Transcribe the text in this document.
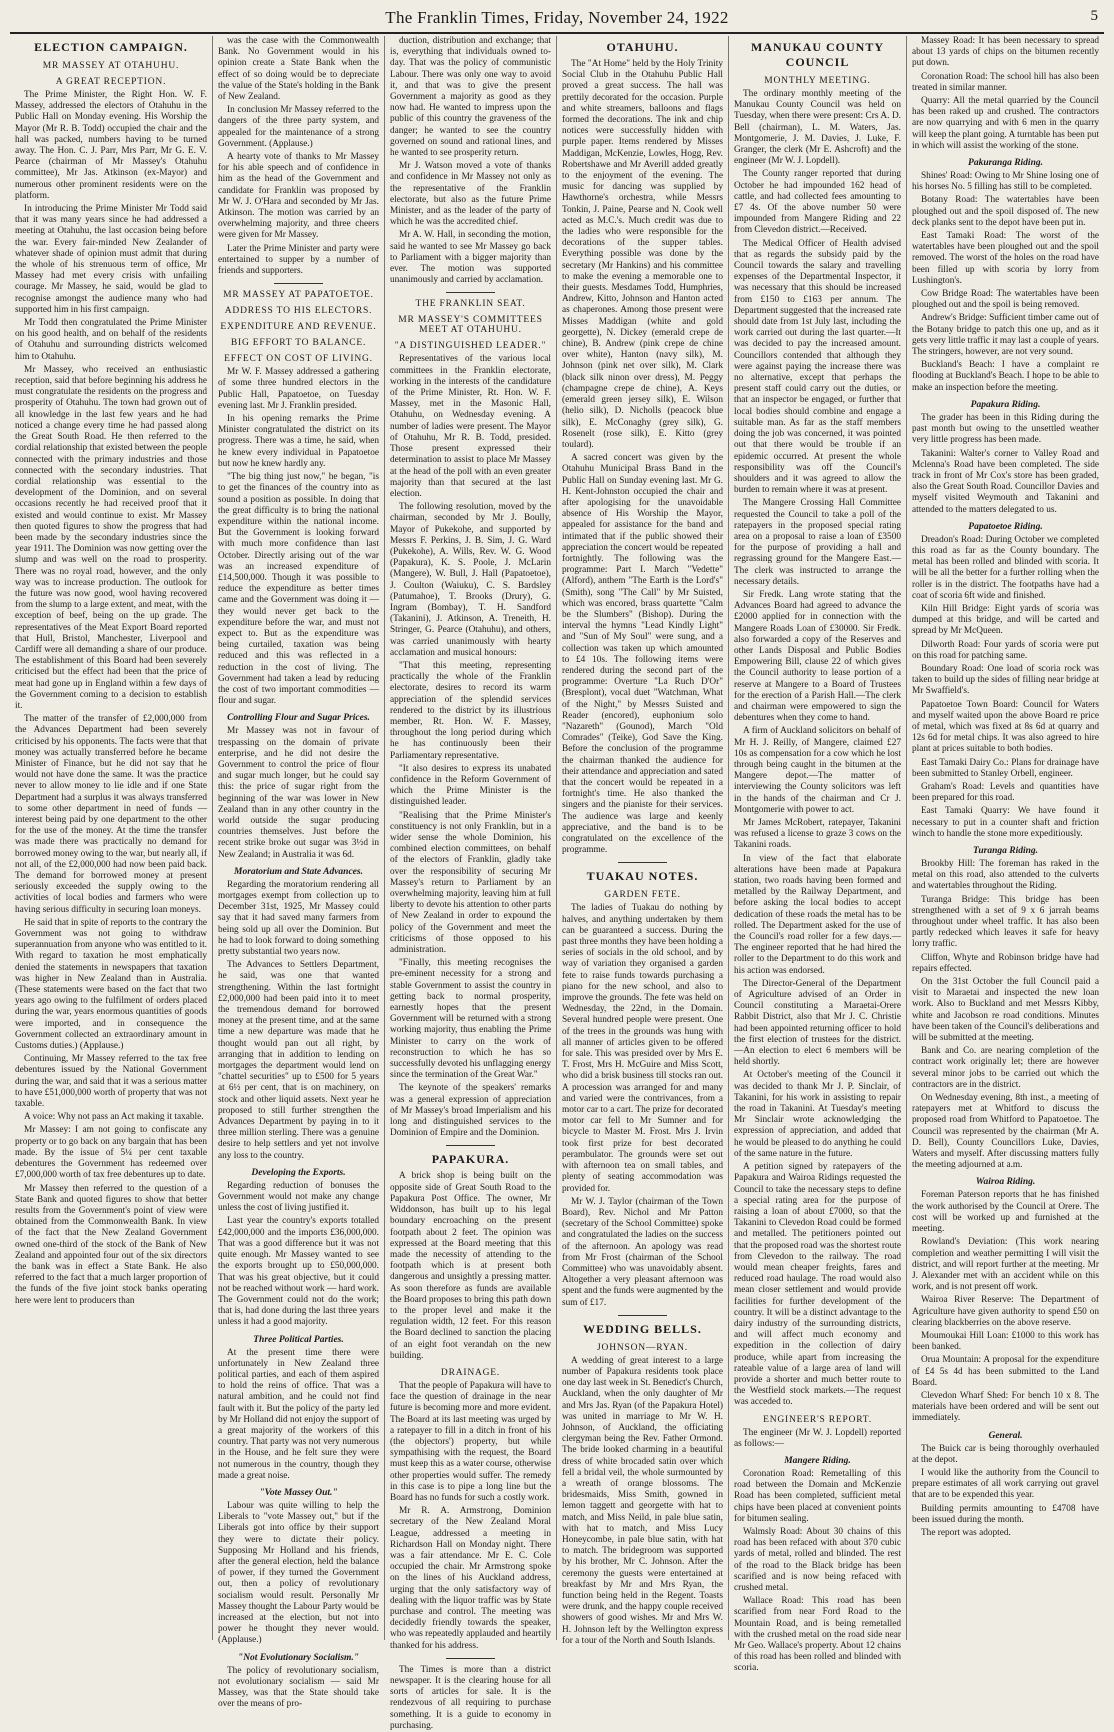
The Franklin Times, Friday, November 24, 1922	5
ELECTION CAMPAIGN.
MR MASSEY AT OTAHUHU.
A GREAT RECEPTION.

The Prime Minister, the Right Hon. W. F. Massey, addressed the electors of Otahuhu in the Public Hall on Monday evening. His Worship the Mayor (Mr R. B. Todd) occupied the chair and the hall was packed, numbers having to be turned away. The Hon. C. J. Parr, Mrs Parr, Mr G. E. V. Pearce (chairman of Mr Massey's Otahuhu committee), Mr Jas. Atkinson (ex-Mayor) and numerous other prominent residents were on the platform.

In introducing the Prime Minister Mr Todd said that it was many years since he had addressed a meeting at Otahuhu, the last occasion being before the war. Every fair-minded New Zealander of whatever shade of opinion must admit that during the whole of his strenuous term of office, Mr Massey had met every crisis with unfailing courage. Mr Massey, he said, would be glad to recognise amongst the audience many who had supported him in his first campaign.

Mr Todd then congratulated the Prime Minister on his good health, and on behalf of the residents of Otahuhu and surrounding districts welcomed him to Otahuhu.

Mr Massey, who received an enthusiastic reception, said that before beginning his address he must congratulate the residents on the progress and prosperity of Otahuhu. The town had grown out of all knowledge in the last few years and he had noticed a change every time he had passed along the Great South Road. He then referred to the cordial relationship that existed between the people connected with the primary industries and those connected with the secondary industries. That cordial relationship was essential to the development of the Dominion, and on several occasions recently he had received proof that it existed and would continue to exist. Mr Massey then quoted figures to show the progress that had been made by the secondary industries since the year 1911. The Dominion was now getting over the slump and was well on the road to prosperity. There was no royal road, however, and the only way was to increase production. The outlook for the future was now good, wool having recovered from the slump to a large extent, and meat, with the exception of beef, being on the up grade. The representatives of the Meat Export Board reported that Hull, Bristol, Manchester, Liverpool and Cardiff were all demanding a share of our produce. The establishment of this Board had been severely criticised but the effect had been that the price of meat had gone up in England within a few days of the Government coming to a decision to establish it.

The matter of the transfer of £2,000,000 from the Advances Department had been severely criticised by his opponents. The facts were that that money was actually transferred before he became Minister of Finance, but he did not say that he would not have done the same. It was the practice never to allow money to lie idle and if one State Department had a surplus it was always transferred to some other department in need of funds — interest being paid by one department to the other for the use of the money. At the time the transfer was made there was practically no demand for borrowed money owing to the war, but nearly all, if not all, of the £2,000,000 had now been paid back. The demand for borrowed money at present seriously exceeded the supply owing to the activities of local bodies and farmers who were having serious difficulty in securing loan moneys.

He said that in spite of reports to the contrary the Government was not going to withdraw superannuation from anyone who was entitled to it. With regard to taxation he most emphatically denied the statements in newspapers that taxation was higher in New Zealand than in Australia. (These statements were based on the fact that two years ago owing to the fulfilment of orders placed during the war, years enormous quantities of goods were imported, and in consequence the Government collected an extraordinary amount in Customs duties.) (Applause.)

Continuing, Mr Massey referred to the tax free debentures issued by the National Government during the war, and said that it was a serious matter to have £51,000,000 worth of property that was not taxable.

A voice: Why not pass an Act making it taxable.

Mr Massey: I am not going to confiscate any property or to go back on any bargain that has been made. By the issue of 5¼ per cent taxable debentures the Government has redeemed over £7,000,000 worth of tax free debentures up to date.

Mr Massey then referred to the question of a State Bank and quoted figures to show that better results from the Government's point of view were obtained from the Commonwealth Bank. In view of the fact that the New Zealand Government owned one-third of the stock of the Bank of New Zealand and appointed four out of the six directors the bank was in effect a State Bank. He also referred to the fact that a much larger proportion of the funds of the five joint stock banks operating here were lent to producers than

was the case with the Commonwealth Bank. No Government would in his opinion create a State Bank when the effect of so doing would be to depreciate the value of the State's holding in the Bank of New Zealand.

In conclusion Mr Massey referred to the dangers of the three party system, and appealed for the maintenance of a strong Government. (Applause.)

A hearty vote of thanks to Mr Massey for his able speech and of confidence in him as the head of the Government and candidate for Franklin was proposed by Mr W. J. O'Hara and seconded by Mr Jas. Atkinson. The motion was carried by an overwhelming majority, and three cheers were given for Mr Massey.

Later the Prime Minister and party were entertained to supper by a number of friends and supporters.

MR MASSEY AT PAPATOETOE.
ADDRESS TO HIS ELECTORS.
EXPENDITURE AND REVENUE.
BIG EFFORT TO BALANCE.
EFFECT ON COST OF LIVING.

Mr W. F. Massey addressed a gathering of some three hundred electors in the Public Hall, Papatoetoe, on Tuesday evening last. Mr J. Franklin presided.

In his opening remarks the Prime Minister congratulated the district on its progress. There was a time, he said, when he knew every individual in Papatoetoe but now he knew hardly any.

"The big thing just now," he began, "is to get the finances of the country into as sound a position as possible. In doing that the great difficulty is to bring the national expenditure within the national income. But the Government is looking forward with much more confidence than last October. Directly arising out of the war was an increased expenditure of £14,500,000. Though it was possible to reduce the expenditure as better times came and the Government was doing it — they would never get back to the expenditure before the war, and must not expect to. But as the expenditure was being curtailed, taxation was being reduced and this was reflected in a reduction in the cost of living. The Government had taken a lead by reducing the cost of two important commodities — flour and sugar.

Controlling Flour and Sugar Prices.

Mr Massey was not in favour of trespassing on the domain of private enterprise, and he did not desire the Government to control the price of flour and sugar much longer, but he could say this: the price of sugar right from the beginning of the war was lower in New Zealand than in any other country in the world outside the sugar producing countries themselves. Just before the recent strike broke out sugar was 3½d in New Zealand; in Australia it was 6d.

Moratorium and State Advances.

Regarding the moratorium rendering all mortgages exempt from collection up to December 31st, 1925, Mr Massey could say that it had saved many farmers from being sold up all over the Dominion. But he had to look forward to doing something pretty substantial two years now.

The Advances to Settlers Department, he said, was one that wanted strengthening. Within the last fortnight £2,000,000 had been paid into it to meet the tremendous demand for borrowed money at the present time, and at the same time a new departure was made that he thought would pan out all right, by arranging that in addition to lending on mortgages the department would lend on "chattel securities" up to £500 for 5 years at 6½ per cent, that is on machinery, on stock and other liquid assets. Next year he proposed to still further strengthen the Advances Department by paying in to it three million sterling. There was a genuine desire to help settlers and yet not involve any loss to the country.

Developing the Exports.

Regarding reduction of bonuses the Government would not make any change unless the cost of living justified it.

Last year the country's exports totalled £42,000,000 and the imports £36,000,000. That was a good difference but it was not quite enough. Mr Massey wanted to see the exports brought up to £50,000,000. That was his great objective, but it could not be reached without work — hard work. The Government could not do the work; that is, had done during the last three years unless it had a good majority.

Three Political Parties.

At the present time there were unfortunately in New Zealand three political parties, and each of them aspired to hold the reins of office. That was a natural ambition, and he could not find fault with it. But the policy of the party led by Mr Holland did not enjoy the support of a great majority of the workers of this country. That party was not very numerous in the House, and he felt sure they were not numerous in the country, though they made a great noise.

"Vote Massey Out."

Labour was quite willing to help the Liberals to "vote Massey out," but if the Liberals got into office by their support they were to dictate their policy. Supposing Mr Holland and his friends, after the general election, held the balance of power, if they turned the Government out, then a policy of revolutionary socialism would result. Personally Mr Massey thought the Labour Party would be increased at the election, but not into power he thought they never would. (Applause.)

"Not Evolutionary Socialism."

The policy of revolutionary socialism, not evolutionary socialism — said Mr Massey, was that the State should take over the means of pro-

duction, distribution and exchange; that is, everything that individuals owned to-day. That was the policy of communistic Labour. There was only one way to avoid it, and that was to give the present Government a majority as good as they now had. He wanted to impress upon the public of this country the graveness of the danger; he wanted to see the country governed on sound and rational lines, and he wanted to see prosperity return.

Mr J. Watson moved a vote of thanks and confidence in Mr Massey not only as the representative of the Franklin electorate, but also as the future Prime Minister, and as the leader of the party of which he was the accredited chief.

Mr A. W. Hall, in seconding the motion, said he wanted to see Mr Massey go back to Parliament with a bigger majority than ever. The motion was supported unanimously and carried by acclamation.

THE FRANKLIN SEAT.
MR MASSEY'S COMMITTEES MEET AT OTAHUHU.
"A DISTINGUISHED LEADER."

Representatives of the various local committees in the Franklin electorate, working in the interests of the candidature of the Prime Minister, Rt. Hon. W. F. Massey, met in the Masonic Hall, Otahuhu, on Wednesday evening. A number of ladies were present. The Mayor of Otahuhu, Mr R. B. Todd, presided. Those present expressed their determination to assist to place Mr Massey at the head of the poll with an even greater majority than that secured at the last election.

The following resolution, moved by the chairman, seconded by Mr J. Boully, Mayor of Pukekohe, and supported by Messrs F. Perkins, J. B. Sim, J. G. Ward (Pukekohe), A. Wills, Rev. W. G. Wood (Papakura), K. S. Poole, J. McLarin (Mangere), W. Bull, J. Hall (Papatoetoe), J. Coulton (Waiuku), C. S. Bardsley (Patumahoe), T. Brooks (Drury), G. Ingram (Bombay), T. H. Sandford (Takanini), J. Atkinson, A. Treneith, H. Stringer, G. Pearce (Otahuhu), and others, was carried unanimously with hearty acclamation and musical honours:

"That this meeting, representing practically the whole of the Franklin electorate, desires to record its warm appreciation of the splendid services rendered to the district by its illustrious member, Rt. Hon. W. F. Massey, throughout the long period during which he has continuously been their Parliamentary representative.

"It also desires to express its unabated confidence in the Reform Government of which the Prime Minister is the distinguished leader.

"Realising that the Prime Minister's constituency is not only Franklin, but in a wider sense the whole Dominion, his combined election committees, on behalf of the electors of Franklin, gladly take over the responsibility of securing Mr Massey's return to Parliament by an overwhelming majority, leaving him at full liberty to devote his attention to other parts of New Zealand in order to expound the policy of the Government and meet the criticisms of those opposed to his administration.

"Finally, this meeting recognises the pre-eminent necessity for a strong and stable Government to assist the country in getting back to normal prosperity, earnestly hopes that the present Government will be returned with a strong working majority, thus enabling the Prime Minister to carry on the work of reconstruction to which he has so successfully devoted his unflagging energy since the termination of the Great War."

The keynote of the speakers' remarks was a general expression of appreciation of Mr Massey's broad Imperialism and his long and distinguished services to the Dominion of Empire and the Dominion.

PAPAKURA.

A brick shop is being built on the opposite side of Great South Road to the Papakura Post Office. The owner, Mr Widdonson, has built up to his legal boundary encroaching on the present footpath about 2 feet. The opinion was expressed at the Board meeting that this made the necessity of attending to the footpath which is at present both dangerous and unsightly a pressing matter. As soon therefore as funds are available the Board proposes to bring this path down to the proper level and make it the regulation width, 12 feet. For this reason the Board declined to sanction the placing of an eight foot verandah on the new building.

DRAINAGE.

That the people of Papakura will have to face the question of drainage in the near future is becoming more and more evident. The Board at its last meeting was urged by a ratepayer to fill in a ditch in front of his (the objectors') property, but while sympathising with the request, the Board must keep this as a water course, otherwise other properties would suffer. The remedy in this case is to pipe a long line but the Board has no funds for such a costly work.

Mr R. A. Armstrong, Dominion secretary of the New Zealand Moral League, addressed a meeting in Richardson Hall on Monday night. There was a fair attendance. Mr E. C. Cole occupied the chair. Mr Armstrong spoke on the lines of his Auckland address, urging that the only satisfactory way of dealing with the liquor traffic was by State purchase and control. The meeting was decidedly friendly towards the speaker, who was repeatedly applauded and heartily thanked for his address.

The Times is more than a district newspaper. It is the clearing house for all sorts of articles for sale. It is the rendezvous of all requiring to purchase something. It is a guide to economy in purchasing.

OTAHUHU.

The "At Home" held by the Holy Trinity Social Club in the Otahuhu Public Hall proved a great success. The hall was prettily decorated for the occasion. Purple and white streamers, balloons and flags formed the decorations. The ink and chip notices were successfully hidden with purple paper. Items rendered by Misses Maddigan, McKenzie, Lowles, Hogg, Rev. Robertshawe and Mr Averill added greatly to the enjoyment of the evening. The music for dancing was supplied by Hawthorne's orchestra, while Messrs Tonkin, J. Paine, Pearse and N. Cook well acted as M.C.'s. Much credit was due to the ladies who were responsible for the decorations of the supper tables. Everything possible was done by the secretary (Mr Hankins) and his committee to make the evening a memorable one to their guests. Mesdames Todd, Humphries, Andrew, Kitto, Johnson and Hanton acted as chaperones. Among those present were Misses Maddigan (white and gold georgette), N. Dickey (emerald crepe de chine), B. Andrew (pink crepe de chine over white), Hanton (navy silk), M. Johnson (pink net over silk), M. Clark (black silk ninon over dress), M. Peggy (champagne crepe de chine), A. Keys (emerald green jersey silk), E. Wilson (helio silk), D. Nicholls (peacock blue silk), E. McConaghy (grey silk), G. Rosenelt (rose silk), E. Kitto (grey toulard).

A sacred concert was given by the Otahuhu Municipal Brass Band in the Public Hall on Sunday evening last. Mr G. H. Kent-Johnston occupied the chair and after apologising for the unavoidable absence of His Worship the Mayor, appealed for assistance for the band and intimated that if the public showed their appreciation the concert would be repeated fortnightly. The following was the programme: Part I. March "Vedette" (Alford), anthem "The Earth is the Lord's" (Smith), song "The Call" by Mr Suisted, which was encored, brass quartette "Calm be the Slumbers" (Bishop). During the interval the hymns "Lead Kindly Light" and "Sun of My Soul" were sung, and a collection was taken up which amounted to £4 10s. The following items were rendered during the second part of the programme: Overture "La Ruch D'Or" (Bresplont), vocal duet "Watchman, What of the Night," by Messrs Suisted and Reader (encored), euphonium solo "Nazareth" (Gounod), March "Old Comrades" (Teike), God Save the King. Before the conclusion of the programme the chairman thanked the audience for their attendance and appreciation and sated that the concert would be repeated in a fortnight's time. He also thanked the singers and the pianiste for their services. The audience was large and keenly appreciative, and the band is to be congratulated on the excellence of the programme.

TUAKAU NOTES.
GARDEN FETE.

The ladies of Tuakau do nothing by halves, and anything undertaken by them can be guaranteed a success. During the past three months they have been holding a series of socials in the old school, and by way of variation they organised a garden fete to raise funds towards purchasing a piano for the new school, and also to improve the grounds. The fete was held on Wednesday, the 22nd, in the Domain. Several hundred people were present. One of the trees in the grounds was hung with all manner of articles given to be offered for sale. This was presided over by Mrs E. T. Frost, Mrs H. McGuire and Miss Scott, who did a brisk business till stocks ran out. A procession was arranged for and many and varied were the contrivances, from a motor car to a cart. The prize for decorated motor car fell to Mr Sumner and for bicycle to Master M. Frost. Mrs J. Irvin took first prize for best decorated perambulator. The grounds were set out with afternoon tea on small tables, and plenty of seating accommodation was provided for.

Mr W. J. Taylor (chairman of the Town Board), Rev. Nichol and Mr Patton (secretary of the School Committee) spoke and congratulated the ladies on the success of the afternoon. An apology was read from Mr Frost (chairman of the School Committee) who was unavoidably absent. Altogether a very pleasant afternoon was spent and the funds were augmented by the sum of £17.

WEDDING BELLS.
JOHNSON—RYAN.

A wedding of great interest to a large number of Papakura residents took place one day last week in St. Benedict's Church, Auckland, when the only daughter of Mr and Mrs Jas. Ryan (of the Papakura Hotel) was united in marriage to Mr W. H. Johnson, of Auckland, the officiating clergyman being the Rev. Father Ormond. The bride looked charming in a beautiful dress of white brocaded satin over which fell a bridal veil, the whole surmounted by a wreath of orange blossoms. The bridesmaids, Miss Smith, gowned in lemon taggett and georgette with hat to match, and Miss Neild, in pale blue satin, with hat to match, and Miss Lucy Honeycombe, in pale blue satin, with hat to match. The bridegroom was supported by his brother, Mr C. Johnson. After the ceremony the guests were entertained at breakfast by Mr and Mrs Ryan, the function being held in the Regent. Toasts were drunk, and the happy couple received showers of good wishes. Mr and Mrs W. H. Johnson left by the Wellington express for a tour of the North and South Islands.

MANUKAU COUNTY COUNCIL
MONTHLY MEETING.

The ordinary monthly meeting of the Manukau County Council was held on Tuesday, when there were present: Crs A. D. Bell (chairman), L. M. Waters, Jas. Montgomerie, J. M. Davies, J. Luke, F. Granger, the clerk (Mr E. Ashcroft) and the engineer (Mr W. J. Lopdell).

The County ranger reported that during October he had impounded 162 head of cattle, and had collected fees amounting to £7 4s. Of the above number 50 were impounded from Mangere Riding and 22 from Clevedon district.—Received.

The Medical Officer of Health advised that as regards the subsidy paid by the Council towards the salary and travelling expenses of the Departmental Inspector, it was necessary that this should be increased from £150 to £163 per annum. The Department suggested that the increased rate should date from 1st July last, including the work carried out during the last quarter.—It was decided to pay the increased amount. Councillors contended that although they were against paying the increase there was no alternative, except that perhaps the present staff could carry out the duties, or that an inspector be engaged, or further that local bodies should combine and engage a suitable man. As far as the staff members doing the job was concerned, it was pointed out that there would be trouble if an epidemic occurred. At present the whole responsibility was off the Council's shoulders and it was agreed to allow the burden to remain where it was at present.

The Mangere Crossing Hall Committee requested the Council to take a poll of the ratepayers in the proposed special rating area on a proposal to raise a loan of £3500 for the purpose of providing a hall and regrassing ground for the Mangere East.—The clerk was instructed to arrange the necessary details.

Sir Fredk. Lang wrote stating that the Advances Board had agreed to advance the £2000 applied for in connection with the Mangere Roads Loan of £30000. Sir Fredk. also forwarded a copy of the Reserves and other Lands Disposal and Public Bodies Empowering Bill, clause 22 of which gives the Council authority to lease portion of a reserve at Mangere to a Board of Trustees for the erection of a Parish Hall.—The clerk and chairman were empowered to sign the debentures when they come to hand.

A firm of Auckland solicitors on behalf of Mr H. J. Reilly, of Mangere, claimed £27 10s as compensation for a cow which he lost through being caught in the bitumen at the Mangere depot.—The matter of interviewing the County solicitors was left in the hands of the chairman and Cr J. Montgomerie with power to act.

Mr James McRobert, ratepayer, Takanini was refused a license to graze 3 cows on the Takanini roads.

In view of the fact that elaborate alterations have been made at Papakura station, two roads having been formed and metalled by the Railway Department, and before asking the local bodies to accept dedication of these roads the metal has to be rolled. The Department asked for the use of the Council's road roller for a few days.—The engineer reported that he had hired the roller to the Department to do this work and his action was endorsed.

The Director-General of the Department of Agriculture advised of an Order in Council constituting a Maraetai-Orere Rabbit District, also that Mr J. C. Christie had been appointed returning officer to hold the first election of trustees for the district.—An election to elect 6 members will be held shortly.

At October's meeting of the Council it was decided to thank Mr J. P. Sinclair, of Takanini, for his work in assisting to repair the road in Takanini. At Tuesday's meeting Mr Sinclair wrote acknowledging the expression of appreciation, and added that he would be pleased to do anything he could of the same nature in the future.

A petition signed by ratepayers of the Papakura and Wairoa Ridings requested the Council to take the necessary steps to define a special rating area for the purpose of raising a loan of about £7000, so that the Takanini to Clevedon Road could be formed and metalled. The petitioners pointed out that the proposed road was the shortest route from Clevedon to the railway. The road would mean cheaper freights, fares and reduced road haulage. The road would also mean closer settlement and would provide facilities for further development of the country. It will be a distinct advantage to the dairy industry of the surrounding districts, and will affect much economy and expedition in the collection of dairy produce, while apart from increasing the rateable value of a large area of land will provide a shorter and much better route to the Westfield stock markets.—The request was acceded to.

ENGINEER'S REPORT.

The engineer (Mr W. J. Lopdell) reported as follows:—

Mangere Riding.

Coronation Road: Remetalling of this road between the Domain and McKenzie Road has been completed, sufficient metal chips have been placed at convenient points for bitumen sealing.

Walmsly Road: About 30 chains of this road has been refaced with about 370 cubic yards of metal, rolled and blinded. The rest of the road to the Black bridge has been scarified and is now being refaced with crushed metal.

Wallace Road: This road has been scarified from near Ford Road to the Mountain Road, and is being remetalled with the crushed metal on the road side near Mr Geo. Wallace's property. About 12 chains of this road has been rolled and blinded with scoria.

Massey Road: It has been necessary to spread about 13 yards of chips on the bitumen recently put down.

Coronation Road: The school hill has also been treated in similar manner.

Quarry: All the metal quarried by the Council has been raked up and crushed. The contractors are now quarrying and with 6 men in the quarry will keep the plant going. A turntable has been put in which will assist the working of the stone.

Pakuranga Riding.

Shines' Road: Owing to Mr Shine losing one of his horses No. 5 filling has still to be completed.

Botany Road: The watertables have been ploughed out and the spoil disposed of. The new deck planks sent to the depot have been put in.

East Tamaki Road: The worst of the watertables have been ploughed out and the spoil removed. The worst of the holes on the road have been filled up with scoria by lorry from Lushington's.

Cow Bridge Road: The watertables have been ploughed out and the spoil is being removed.

Andrew's Bridge: Sufficient timber came out of the Botany bridge to patch this one up, and as it gets very little traffic it may last a couple of years. The stringers, however, are not very sound.

Buckland's Beach: I have a complaint re flooding at Buckland's Beach. I hope to be able to make an inspection before the meeting.

Papakura Riding.

The grader has been in this Riding during the past month but owing to the unsettled weather very little progress has been made.

Takanini: Walter's corner to Valley Road and Mclenna's Road have been completed. The side track in front of Mr Cox's store has been graded, also the Great South Road. Councillor Davies and myself visited Weymouth and Takanini and attended to the matters delegated to us.

Papatoetoe Riding.

Dreadon's Road: During October we completed this road as far as the County boundary. The metal has been rolled and blinded with scoria. It will be all the better for a further rolling when the roller is in the district. The footpaths have had a coat of scoria 6ft wide and finished.

Kiln Hill Bridge: Eight yards of scoria was dumped at this bridge, and will be carted and spread by Mr McQueen.

Dilworth Road: Four yards of scoria were put on this road for patching same.

Boundary Road: One load of scoria rock was taken to build up the sides of filling near bridge at Mr Swaffield's.

Papatoetoe Town Board: Council for Waters and myself waited upon the above Board re price of metal, which was fixed at 8s 6d at quarry and 12s 6d for metal chips. It was also agreed to hire plant at prices suitable to both bodies.

East Tamaki Dairy Co.: Plans for drainage have been submitted to Stanley Orbell, engineer.

Graham's Road: Levels and quantities have been prepared for this road.

East Tamaki Quarry: We have found it necessary to put in a counter shaft and friction winch to handle the stone more expeditiously.

Turanga Riding.

Brookby Hill: The foreman has raked in the metal on this road, also attended to the culverts and watertables throughout the Riding.

Turanga Bridge: This bridge has been strengthened with a set of 9 x 6 jarrah beams throughout under wheel traffic. It has also been partly redecked which leaves it safe for heavy lorry traffic.

Cliffon, Whyte and Robinson bridge have had repairs effected.

On the 31st October the full Council paid a visit to Maraetai and inspected the new loan work. Also to Buckland and met Messrs Kibby, white and Jacobson re road conditions. Minutes have been taken of the Council's deliberations and will be submitted at the meeting.

Bank and Co. are nearing completion of the contract work originally let; there are however several minor jobs to be carried out which the contractors are in the district.

On Wednesday evening, 8th inst., a meeting of ratepayers met at Whitford to discuss the proposed road from Whitford to Papatoetoe. The Council was represented by the chairman (Mr A. D. Bell), County Councillors Luke, Davies, Waters and myself. After discussing matters fully the meeting adjourned at a.m.

Wairoa Riding.

Foreman Paterson reports that he has finished the work authorised by the Council at Orere. The cost will be worked up and furnished at the meeting.

Rowland's Deviation: (This work nearing completion and weather permitting I will visit the district, and will report further at the meeting. Mr J. Alexander met with an accident while on this work, and is not present off work.

Wairoa River Reserve: The Department of Agriculture have given authority to spend £50 on clearing blackberries on the above reserve.

Moumoukai Hill Loan: £1000 to this work has been banked.

Orua Mountain: A proposal for the expenditure of £4 5s 4d has been submitted to the Land Board.

Clevedon Wharf Shed: For bench 10 x 8. The materials have been ordered and will be sent out immediately.

General.

The Buick car is being thoroughly overhauled at the depot.

I would like the authority from the Council to prepare estimates of all work carrying out gravel that are to be expended this year.

Building permits amounting to £4708 have been issued during the month.

The report was adopted.
